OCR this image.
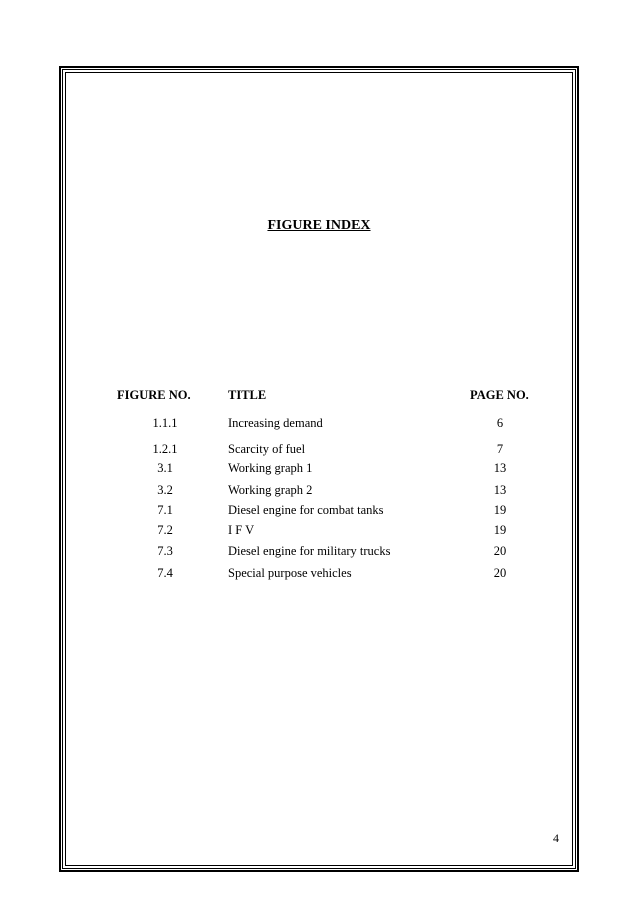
FIGURE INDEX
FIGURE NO.	TITLE	PAGE NO.
1.1.1	Increasing demand	6
1.2.1	Scarcity of fuel	7
3.1	Working graph 1	13
3.2	Working graph 2	13
7.1	Diesel engine for combat tanks	19
7.2	I F V	19
7.3	Diesel engine for military trucks	20
7.4	Special purpose vehicles	20
4
